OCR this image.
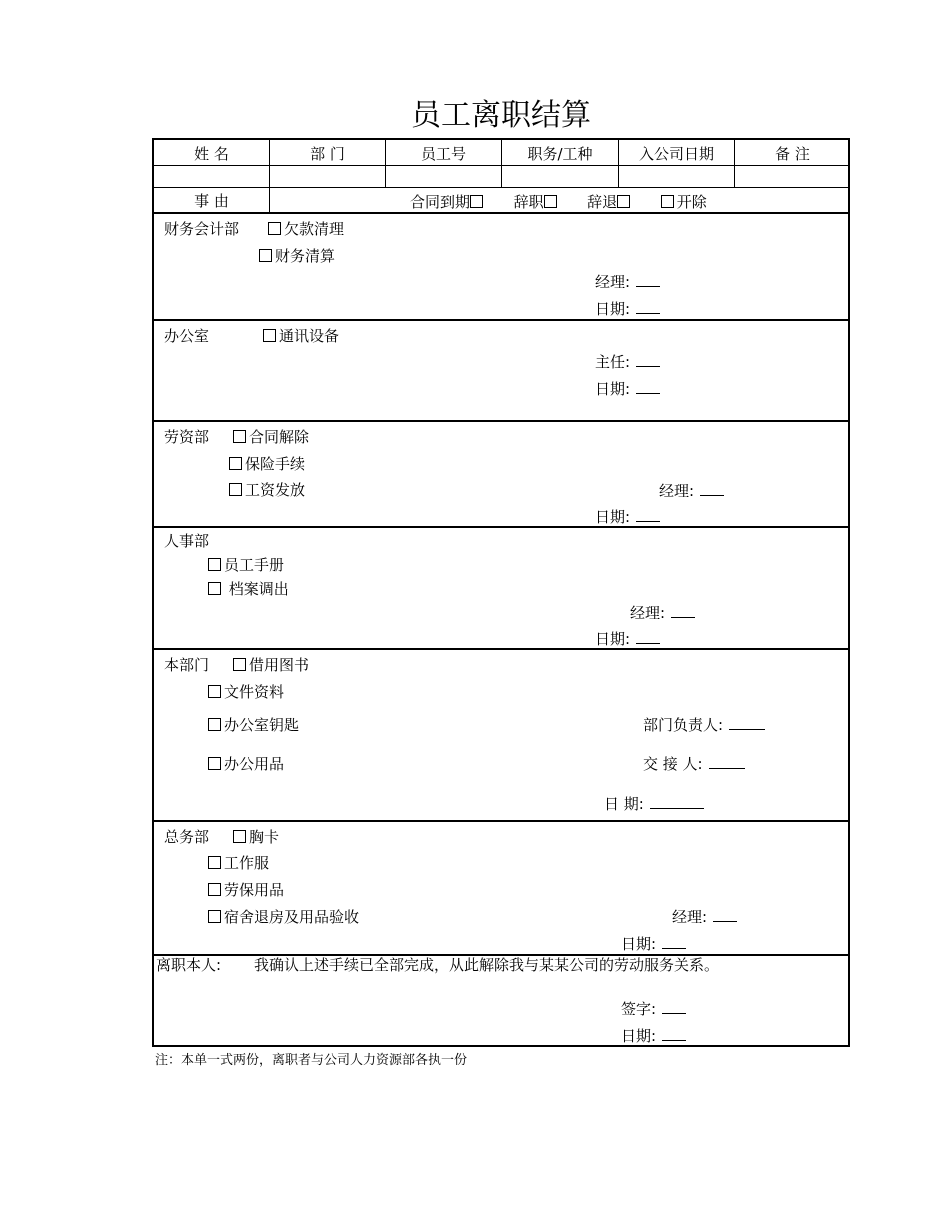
员工离职结算
姓 名	部 门	员工号	职务/工种	入公司日期	备 注
事 由	合同到期	辞职	辞退	开除
财务会计部	欠款清理
财务清算
经理:
日期:
办公室	通讯设备
主任:
日期:
劳资部	合同解除
保险手续
工资发放	经理:
日期:
人事部
员工手册
档案调出
经理:
日期:
本部门	借用图书
文件资料
办公室钥匙
办公用品
部门负责人:
交 接 人:
日 期:
总务部	胸卡
工作服
劳保用品
宿舍退房及用品验收	经理:
日期:
离职本人: 我确认上述手续已全部完成，从此解除我与某某公司的劳动服务关系。
签字:
日期:
注：本单一式两份，离职者与公司人力资源部各执一份
